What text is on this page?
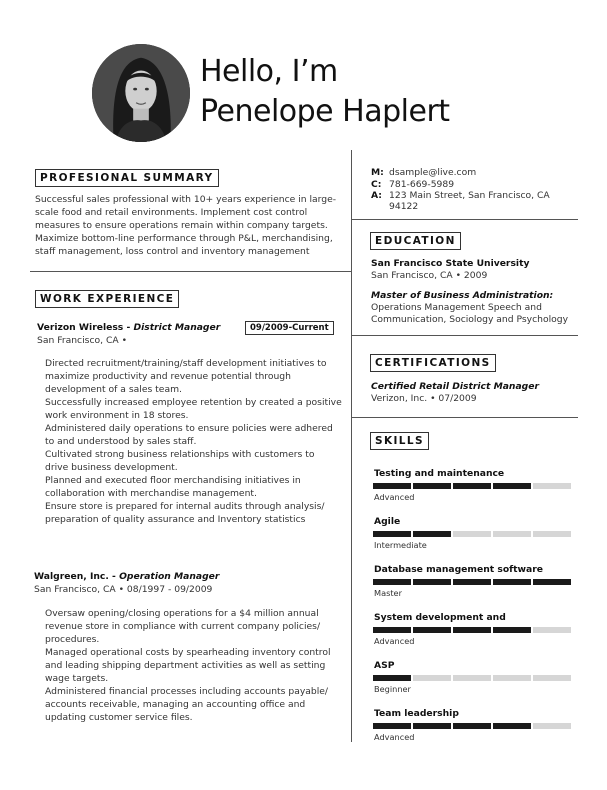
Hello, I’m
Penelope Haplert
PROFESIONAL SUMMARY
Successful sales professional with 10+ years experience in large-
scale food and retail environments. Implement cost control
measures to ensure operations remain within company targets.
Maximize bottom-line performance through P&L, merchandising,
staff management, loss control and inventory management
M: dsample@live.com
C: 781-669-5989
A: 123 Main Street, San Francisco, CA
94122
WORK EXPERIENCE
Verizon Wireless - District Manager	09/2009-Current
San Francisco, CA •
Directed recruitment/training/staff development initiatives to
maximize productivity and revenue potential through
development of a sales team.
Successfully increased employee retention by created a positive
work environment in 18 stores.
Administered daily operations to ensure policies were adhered
to and understood by sales staff.
Cultivated strong business relationships with customers to
drive business development.
Planned and executed floor merchandising initiatives in
collaboration with merchandise management.
Ensure store is prepared for internal audits through analysis/
preparation of quality assurance and Inventory statistics
Walgreen, Inc. - Operation Manager
San Francisco, CA • 08/1997 - 09/2009
Oversaw opening/closing operations for a $4 million annual
revenue store in compliance with current company policies/
procedures.
Managed operational costs by spearheading inventory control
and leading shipping department activities as well as setting
wage targets.
Administered financial processes including accounts payable/
accounts receivable, managing an accounting office and
updating customer service files.
EDUCATION
San Francisco State University
San Francisco, CA • 2009
Master of Business Administration:
Operations Management Speech and
Communication, Sociology and Psychology
CERTIFICATIONS
Certified Retail District Manager
Verizon, Inc. • 07/2009
SKILLS
Testing and maintenance
Advanced
Agile
Intermediate
Database management software
Master
System development and
Advanced
ASP
Beginner
Team leadership
Advanced
